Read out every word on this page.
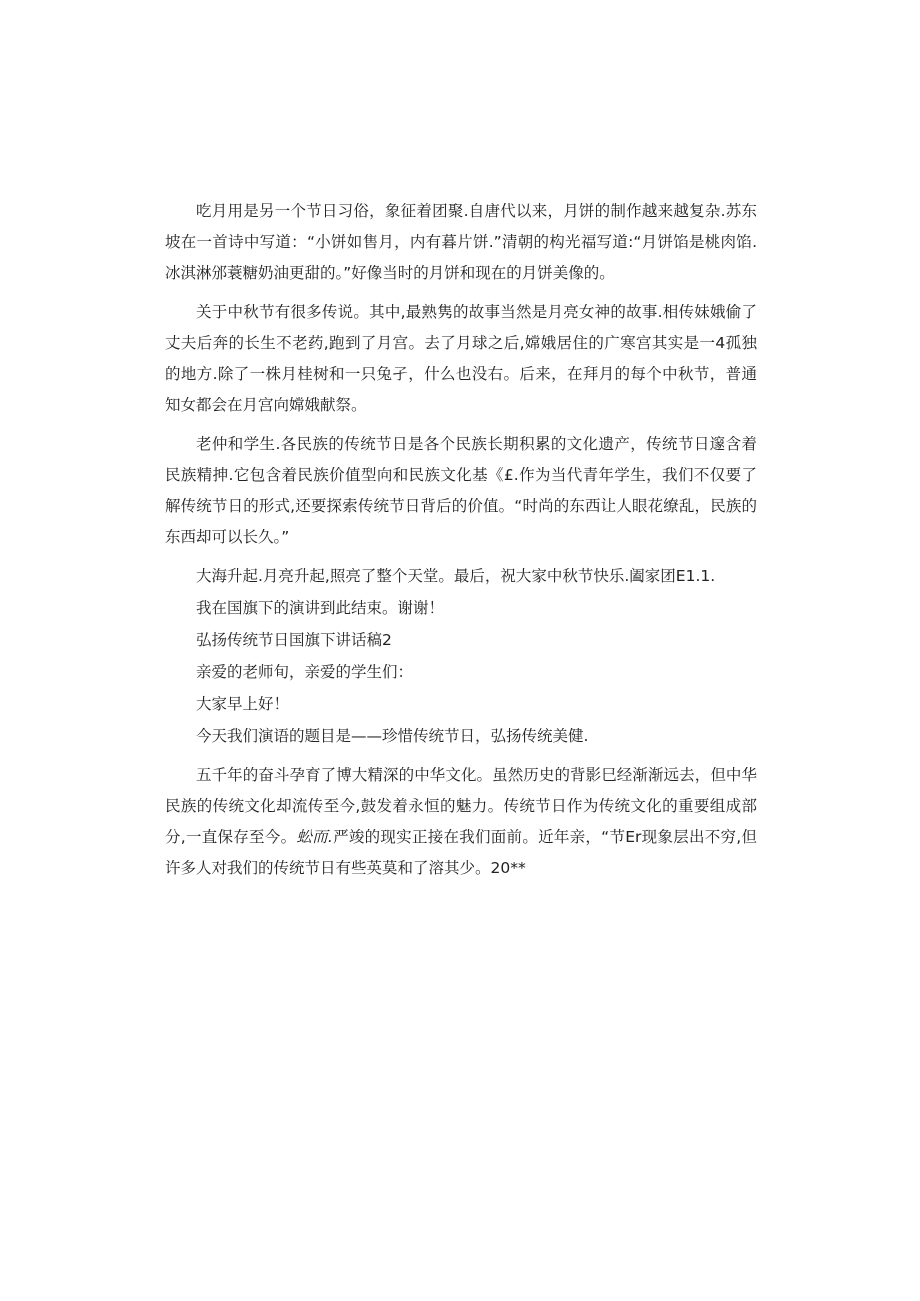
吃月用是另一个节日习俗，象征着团聚.自唐代以来，月饼的制作越来越复杂.苏东坡在一首诗中写道：“小饼如售月，内有暮片饼.”清朝的构光福写道:“月饼馅是桃肉馅.冰淇淋邠蓑糖奶油更甜的。”好像当时的月饼和现在的月饼美像的。

关于中秋节有很多传说。其中,最熟隽的故事当然是月亮女神的故事.相传妹娥偷了丈夫后奔的长生不老药,跑到了月宫。去了月球之后,嫦娥居住的广寒宫其实是一4孤独的地方.除了一株月桂树和一只兔孑，什么也没右。后来，在拜月的每个中秋节，普通知女都会在月宫向嫦娥献祭。

老仲和学生.各民族的传统节日是各个民族长期积累的文化遗产，传统节日邃含着民族精抻.它包含着民族价值型向和民族文化基《£.作为当代青年学生，我们不仅要了解传统节日的形式,还要探索传统节日背后的价值。“时尚的东西让人眼花缭乱，民族的东西却可以长久。”

大海升起.月亮升起,照亮了整个天堂。最后，祝大家中秋节快乐.阖家团E1.1.

我在国旗下的演讲到此结束。谢谢！

弘扬传统节日国旗下讲话稿2

亲爱的老师旬，亲爱的学生们：

大家早上好！

今天我们演语的题目是——珍惜传统节日，弘扬传统美健.

五千年的奋斗孕育了博大精深的中华文化。虽然历史的背影巳经渐渐远去，但中华民族的传统文化却流传至今,鼓发着永恒的魅力。传统节日作为传统文化的重要组成部分,一直保存至今。蚣而.严竣的现实正接在我们面前。近年亲，“节Er现象层出不穷,但许多人对我们的传统节日有些英莫和了溶其少。20**
